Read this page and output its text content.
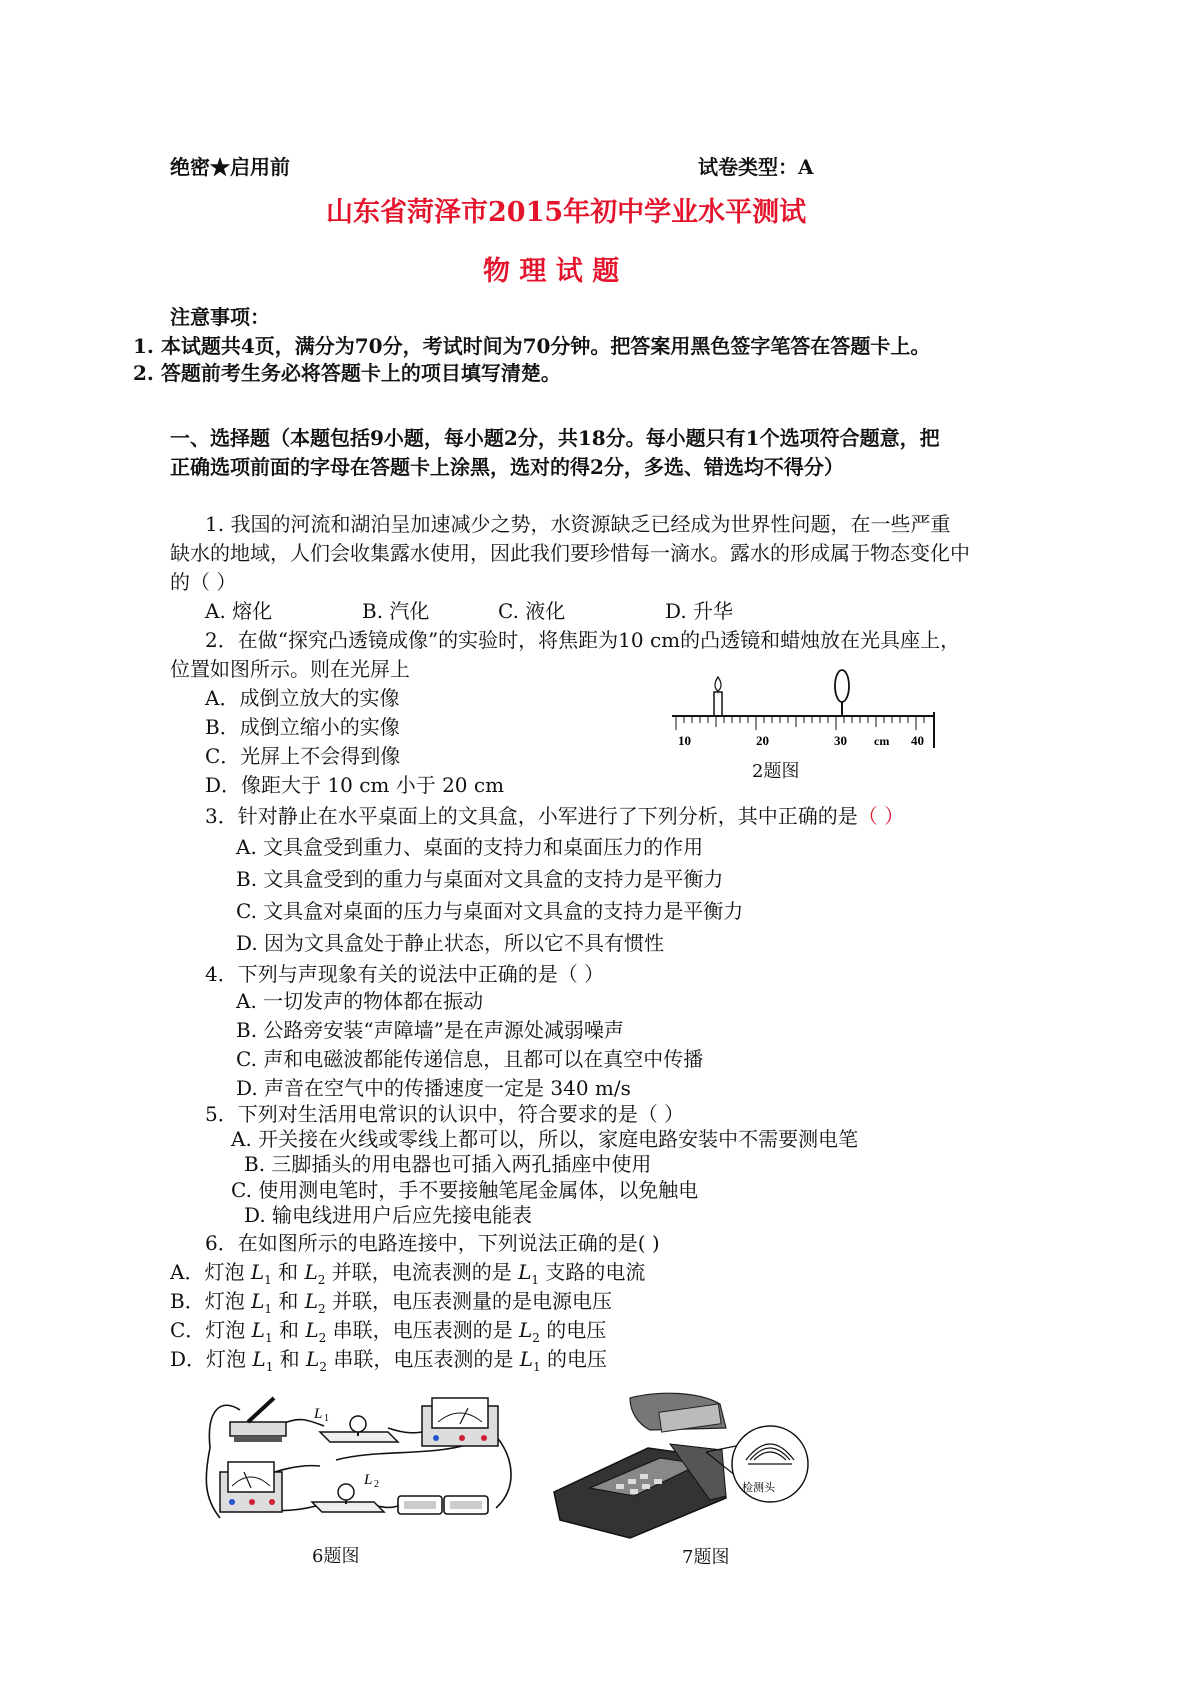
绝密★启用前	试卷类型：A
山东省菏泽市2015年初中学业水平测试
物 理 试 题
注意事项：
1. 本试题共4页，满分为70分，考试时间为70分钟。把答案用黑色签字笔答在答题卡上。
2. 答题前考生务必将答题卡上的项目填写清楚。
一、选择题（本题包括9小题，每小题2分，共18分。每小题只有1个选项符合题意，把
正确选项前面的字母在答题卡上涂黑，选对的得2分，多选、错选均不得分）
1. 我国的河流和湖泊呈加速减少之势，水资源缺乏已经成为世界性问题，在一些严重
缺水的地域，人们会收集露水使用，因此我们要珍惜每一滴水。露水的形成属于物态变化中
的（ ）
A. 熔化	B. 汽化	C. 液化	D. 升华
2．在做“探究凸透镜成像”的实验时，将焦距为10 cm的凸透镜和蜡烛放在光具座上，
位置如图所示。则在光屏上
A．成倒立放大的实像
B．成倒立缩小的实像
C．光屏上不会得到像
D．像距大于 10 cm 小于 20 cm
10	20	30 cm 40
2题图
3．针对静止在水平桌面上的文具盒，小军进行了下列分析，其中正确的是（ ）
A. 文具盒受到重力、桌面的支持力和桌面压力的作用
B. 文具盒受到的重力与桌面对文具盒的支持力是平衡力
C. 文具盒对桌面的压力与桌面对文具盒的支持力是平衡力
D. 因为文具盒处于静止状态，所以它不具有惯性
4．下列与声现象有关的说法中正确的是（ ）
A. 一切发声的物体都在振动
B. 公路旁安装“声障墙”是在声源处减弱噪声
C. 声和电磁波都能传递信息，且都可以在真空中传播
D. 声音在空气中的传播速度一定是 340 m/s
5．下列对生活用电常识的认识中，符合要求的是（ ）
A. 开关接在火线或零线上都可以，所以，家庭电路安装中不需要测电笔
B. 三脚插头的用电器也可插入两孔插座中使用
C. 使用测电笔时，手不要接触笔尾金属体，以免触电
D. 输电线进用户后应先接电能表
6．在如图所示的电路连接中，下列说法正确的是( )
A．灯泡 $L_1$ 和 $L_2$ 并联，电流表测的是 $L_1$ 支路的电流
B．灯泡 $L_1$ 和 $L_2$ 并联，电压表测量的是电源电压
C．灯泡 $L_1$ 和 $L_2$ 串联，电压表测的是 $L_2$ 的电压
D．灯泡 $L_1$ 和 $L_2$ 串联，电压表测的是 $L_1$ 的电压
L 1
L 2
6题图
检测头
7题图
